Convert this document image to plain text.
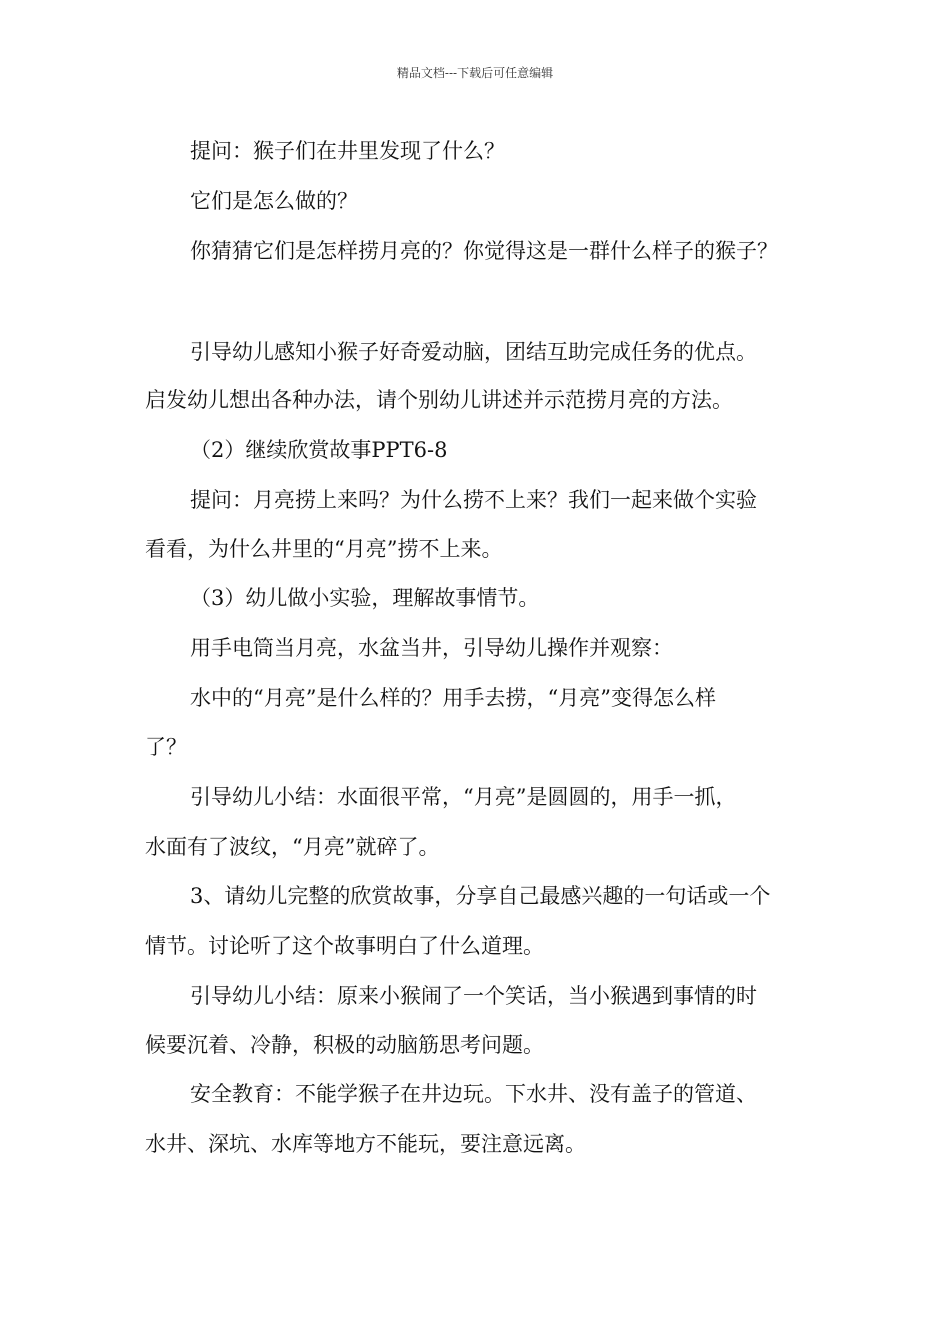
精品文档---下载后可任意编辑
提问：猴子们在井里发现了什么？
它们是怎么做的？
你猜猜它们是怎样捞月亮的？你觉得这是一群什么样子的猴子？
引导幼儿感知小猴子好奇爱动脑，团结互助完成任务的优点。
启发幼儿想出各种办法，请个别幼儿讲述并示范捞月亮的方法。
（2）继续欣赏故事PPT6-8
提问：月亮捞上来吗？为什么捞不上来？我们一起来做个实验
看看，为什么井里的“月亮”捞不上来。
（3）幼儿做小实验，理解故事情节。
用手电筒当月亮，水盆当井，引导幼儿操作并观察：
水中的“月亮”是什么样的？用手去捞，“月亮”变得怎么样
了？
引导幼儿小结：水面很平常，“月亮”是圆圆的，用手一抓，
水面有了波纹，“月亮”就碎了。
3、请幼儿完整的欣赏故事，分享自己最感兴趣的一句话或一个
情节。讨论听了这个故事明白了什么道理。
引导幼儿小结：原来小猴闹了一个笑话，当小猴遇到事情的时
候要沉着、冷静，积极的动脑筋思考问题。
安全教育：不能学猴子在井边玩。下水井、没有盖子的管道、
水井、深坑、水库等地方不能玩，要注意远离。
